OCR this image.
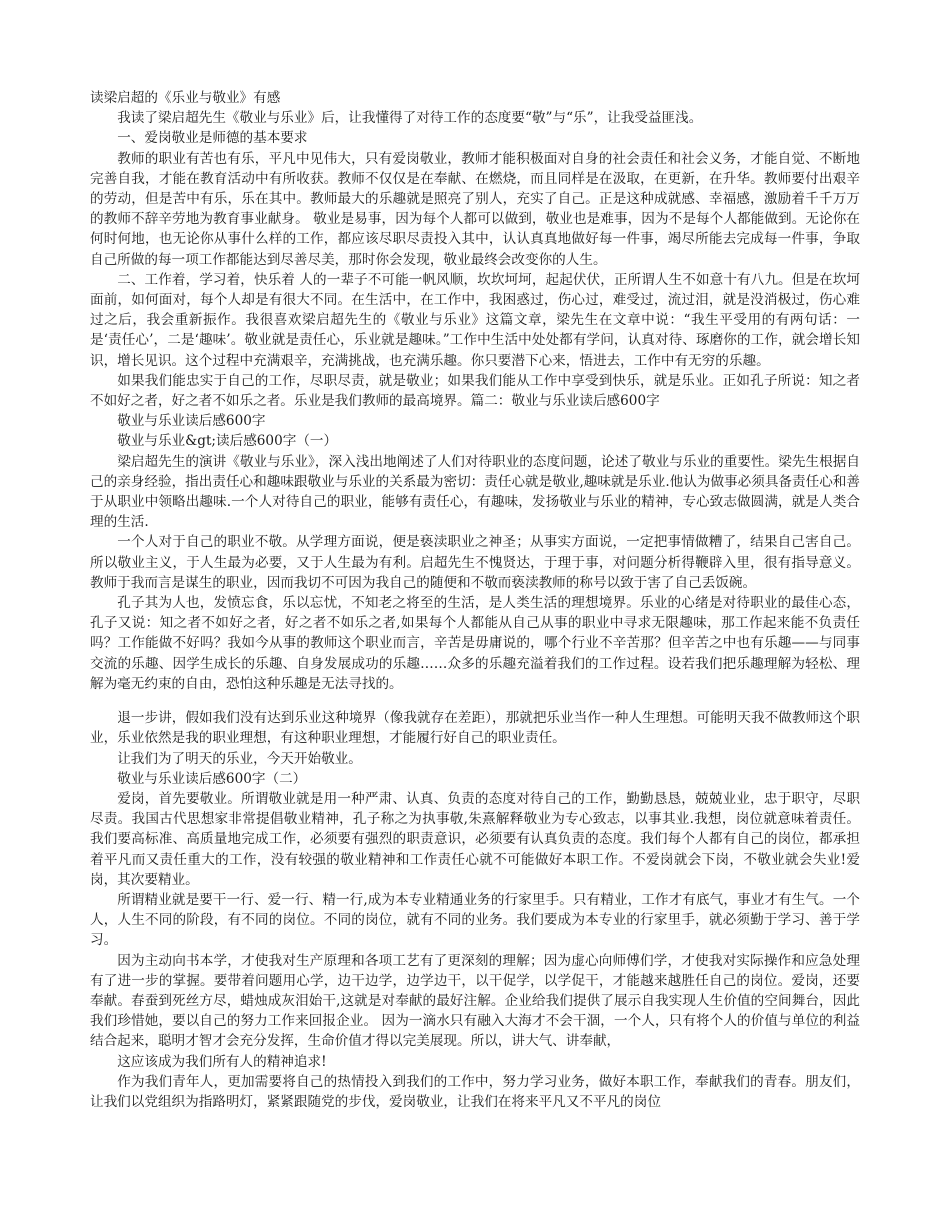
读梁启超的《乐业与敬业》有感

我读了梁启超先生《敬业与乐业》后，让我懂得了对待工作的态度要“敬”与“乐”，让我受益匪浅。

一、爱岗敬业是师德的基本要求

教师的职业有苦也有乐，平凡中见伟大，只有爱岗敬业，教师才能积极面对自身的社会责任和社会义务，才能自觉、不断地完善自我，才能在教育活动中有所收获。教师不仅仅是在奉献、在燃烧，而且同样是在汲取，在更新，在升华。教师要付出艰辛的劳动，但是苦中有乐，乐在其中。教师最大的乐趣就是照亮了别人，充实了自己。正是这种成就感、幸福感，激励着千千万万的教师不辞辛劳地为教育事业献身。 敬业是易事，因为每个人都可以做到，敬业也是难事，因为不是每个人都能做到。无论你在何时何地，也无论你从事什么样的工作，都应该尽职尽责投入其中，认认真真地做好每一件事，竭尽所能去完成每一件事，争取自己所做的每一项工作都能达到尽善尽美，那时你会发现，敬业最终会改变你的人生。

二、工作着，学习着，快乐着 人的一辈子不可能一帆风顺，坎坎坷坷，起起伏伏，正所谓人生不如意十有八九。但是在坎坷面前，如何面对，每个人却是有很大不同。在生活中，在工作中，我困惑过，伤心过，难受过，流过泪，就是没消极过，伤心难过之后，我会重新振作。我很喜欢梁启超先生的《敬业与乐业》这篇文章，梁先生在文章中说：“我生平受用的有两句话：一是‘责任心’，二是‘趣味’。敬业就是责任心，乐业就是趣味。”工作中生活中处处都有学问，认真对待、琢磨你的工作，就会增长知识，增长见识。这个过程中充满艰辛，充满挑战，也充满乐趣。你只要潜下心来，悟进去，工作中有无穷的乐趣。

如果我们能忠实于自己的工作，尽职尽责，就是敬业；如果我们能从工作中享受到快乐，就是乐业。正如孔子所说：知之者不如好之者，好之者不如乐之者。乐业是我们教师的最高境界。篇二：敬业与乐业读后感600字

敬业与乐业读后感600字

敬业与乐业&gt;读后感600字（一）

梁启超先生的演讲《敬业与乐业》，深入浅出地阐述了人们对待职业的态度问题，论述了敬业与乐业的重要性。梁先生根据自己的亲身经验，指出责任心和趣味跟敬业与乐业的关系最为密切：责任心就是敬业,趣味就是乐业.他认为做事必须具备责任心和善于从职业中领略出趣味.一个人对待自己的职业，能够有责任心，有趣味，发扬敬业与乐业的精神，专心致志做圆满，就是人类合理的生活.

一个人对于自己的职业不敬。从学理方面说，便是亵渎职业之神圣；从事实方面说，一定把事情做糟了，结果自己害自己。所以敬业主义，于人生最为必要，又于人生最为有利。启超先生不愧贤达，于理于事，对问题分析得鞭辟入里，很有指导意义。教师于我而言是谋生的职业，因而我切不可因为我自己的随便和不敬而亵渎教师的称号以致于害了自己丢饭碗。

孔子其为人也，发愤忘食，乐以忘忧，不知老之将至的生活，是人类生活的理想境界。乐业的心绪是对待职业的最佳心态，孔子又说：知之者不如好之者，好之者不如乐之者,如果每个人都能从自己从事的职业中寻求无限趣味，那工作起来能不负责任吗？工作能做不好吗？我如今从事的教师这个职业而言，辛苦是毋庸说的，哪个行业不辛苦那？但辛苦之中也有乐趣——与同事交流的乐趣、因学生成长的乐趣、自身发展成功的乐趣……众多的乐趣充溢着我们的工作过程。设若我们把乐趣理解为轻松、理解为毫无约束的自由，恐怕这种乐趣是无法寻找的。

退一步讲，假如我们没有达到乐业这种境界（像我就存在差距），那就把乐业当作一种人生理想。可能明天我不做教师这个职业，乐业依然是我的职业理想，有这种职业理想，才能履行好自己的职业责任。

让我们为了明天的乐业，今天开始敬业。

敬业与乐业读后感600字（二）

爱岗，首先要敬业。所谓敬业就是用一种严肃、认真、负责的态度对待自己的工作，勤勤恳恳，兢兢业业，忠于职守，尽职尽责。我国古代思想家非常提倡敬业精神，孔子称之为执事敬,朱熹解释敬业为专心致志，以事其业.我想，岗位就意味着责任。 我们要高标准、高质量地完成工作，必须要有强烈的职责意识，必须要有认真负责的态度。我们每个人都有自己的岗位，都承担着平凡而又责任重大的工作，没有较强的敬业精神和工作责任心就不可能做好本职工作。不爱岗就会下岗，不敬业就会失业!爱岗，其次要精业。

所谓精业就是要干一行、爱一行、精一行,成为本专业精通业务的行家里手。只有精业，工作才有底气，事业才有生气。一个人，人生不同的阶段，有不同的岗位。不同的岗位，就有不同的业务。我们要成为本专业的行家里手，就必须勤于学习、善于学习。

因为主动向书本学，才使我对生产原理和各项工艺有了更深刻的理解；因为虚心向师傅们学，才使我对实际操作和应急处理有了进一步的掌握。要带着问题用心学，边干边学，边学边干，以干促学，以学促干，才能越来越胜任自己的岗位。爱岗，还要奉献。春蚕到死丝方尽，蜡烛成灰泪始干,这就是对奉献的最好注解。企业给我们提供了展示自我实现人生价值的空间舞台，因此我们珍惜她，要以自己的努力工作来回报企业。 因为一滴水只有融入大海才不会干涸，一个人，只有将个人的价值与单位的利益结合起来，聪明才智才会充分发挥，生命价值才得以完美展现。所以，讲大气、讲奉献，

这应该成为我们所有人的精神追求!

作为我们青年人，更加需要将自己的热情投入到我们的工作中，努力学习业务，做好本职工作，奉献我们的青春。朋友们，让我们以党组织为指路明灯，紧紧跟随党的步伐，爱岗敬业，让我们在将来平凡又不平凡的岗位
